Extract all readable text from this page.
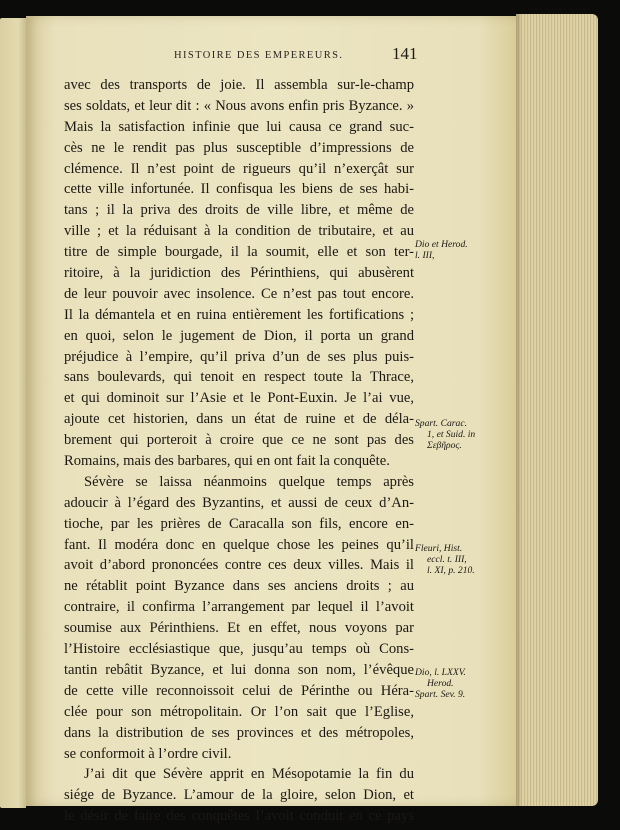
HISTOIRE DES EMPEREURS.	141
avec des transports de joie. Il assembla sur-le-champ
ses soldats, et leur dit : « Nous avons enfin pris Byzance. »
Mais la satisfaction infinie que lui causa ce grand suc-
cès ne le rendit pas plus susceptible d’impressions de
clémence. Il n’est point de rigueurs qu’il n’exerçât sur
cette ville infortunée. Il confisqua les biens de ses habi-
tans ; il la priva des droits de ville libre, et même de
ville ; et la réduisant à la condition de tributaire, et au
titre de simple bourgade, il la soumit, elle et son ter-
ritoire, à la juridiction des Périnthiens, qui abusèrent
de leur pouvoir avec insolence. Ce n’est pas tout encore.
Il la démantela et en ruina entièrement les fortifications ;
en quoi, selon le jugement de Dion, il porta un grand
préjudice à l’empire, qu’il priva d’un de ses plus puis-
sans boulevards, qui tenoit en respect toute la Thrace,
et qui dominoit sur l’Asie et le Pont-Euxin. Je l’ai vue,
ajoute cet historien, dans un état de ruine et de déla-
brement qui porteroit à croire que ce ne sont pas des
Romains, mais des barbares, qui en ont fait la conquête.
Sévère se laissa néanmoins quelque temps après
adoucir à l’égard des Byzantins, et aussi de ceux d’An-
tioche, par les prières de Caracalla son fils, encore en-
fant. Il modéra donc en quelque chose les peines qu’il
avoit d’abord prononcées contre ces deux villes. Mais il
ne rétablit point Byzance dans ses anciens droits ; au
contraire, il confirma l’arrangement par lequel il l’avoit
soumise aux Périnthiens. Et en effet, nous voyons par
l’Histoire ecclésiastique que, jusqu’au temps où Cons-
tantin rebâtit Byzance, et lui donna son nom, l’évêque
de cette ville reconnoissoit celui de Périnthe ou Héra-
clée pour son métropolitain. Or l’on sait que l’Eglise,
dans la distribution de ses provinces et des métropoles,
se conformoit à l’ordre civil.
J’ai dit que Sévère apprit en Mésopotamie la fin du
siége de Byzance. L’amour de la gloire, selon Dion, et
le désir de faire des conquêtes l’avoit conduit en ce pays
Dio et Herod.
l. III,
Spart. Carac.
1, et Suid. in
Σεβῆρος.
Fleuri, Hist.
eccl. t. III,
l. XI, p. 210.
Dio, l. LXXV.
Herod.
Spart. Sev. 9.
